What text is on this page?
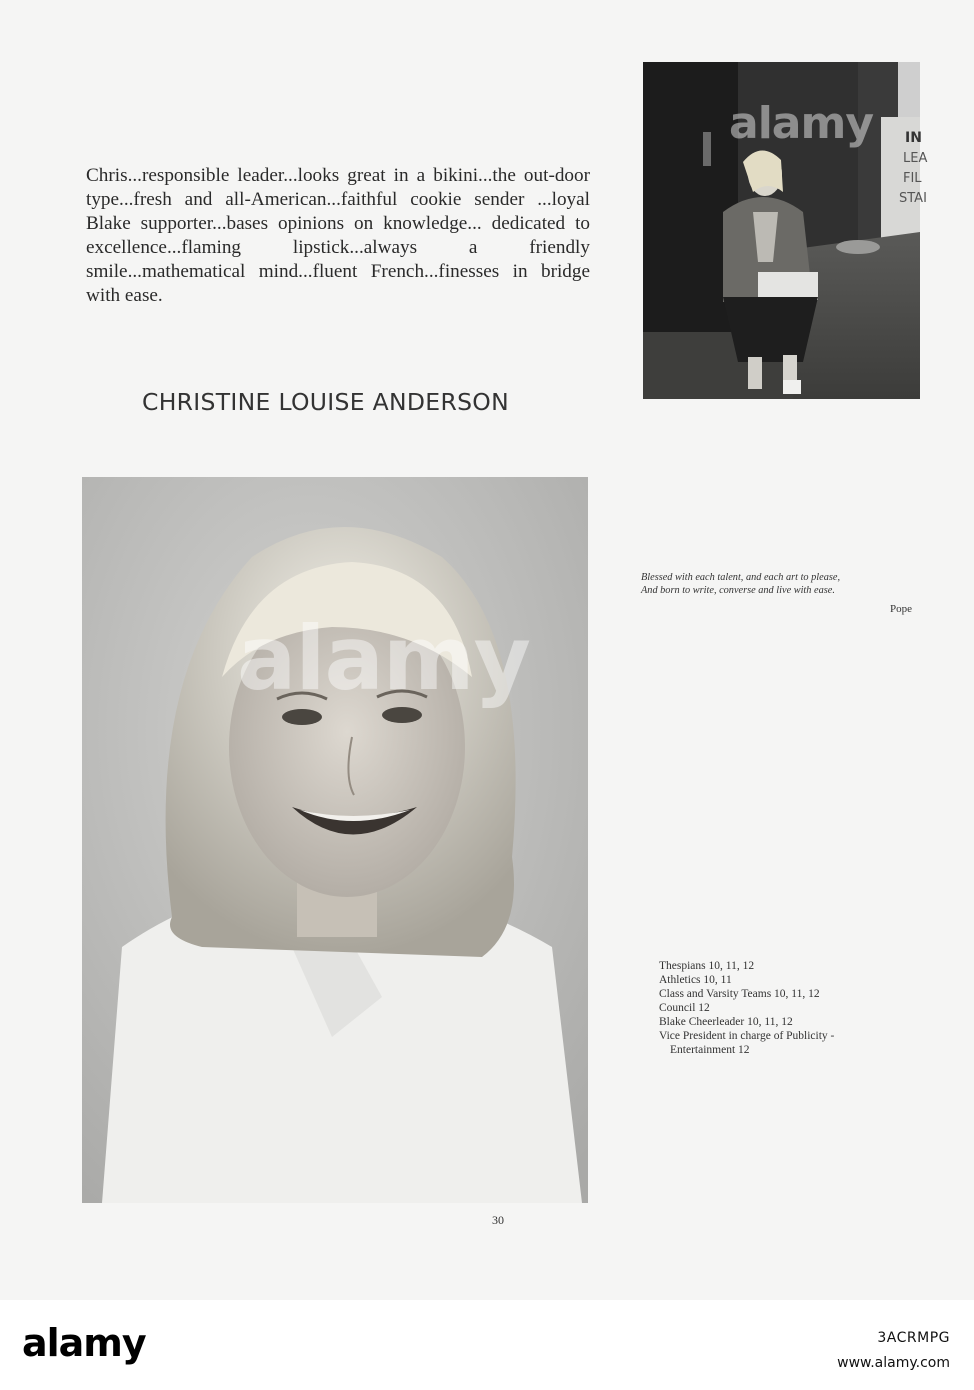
Chris...responsible leader...looks great in a bikini...the out-door type...fresh and all-American...faithful cookie sender ...loyal Blake supporter...bases opinions on knowledge... dedicated to excellence...flaming lipstick...always a friendly smile...mathematical mind...fluent French...finesses in bridge with ease.
CHRISTINE LOUISE ANDERSON
IN
LEA
FIL
STAI
alamy
alamy
Blessed with each talent, and each art to please,
And born to write, converse and live with ease.
Pope
Thespians 10, 11, 12
Athletics 10, 11
Class and Varsity Teams 10, 11, 12
Council 12
Blake Cheerleader 10, 11, 12
Vice President in charge of Publicity -
Entertainment 12
30
alamy	3ACRMPG
www.alamy.com
